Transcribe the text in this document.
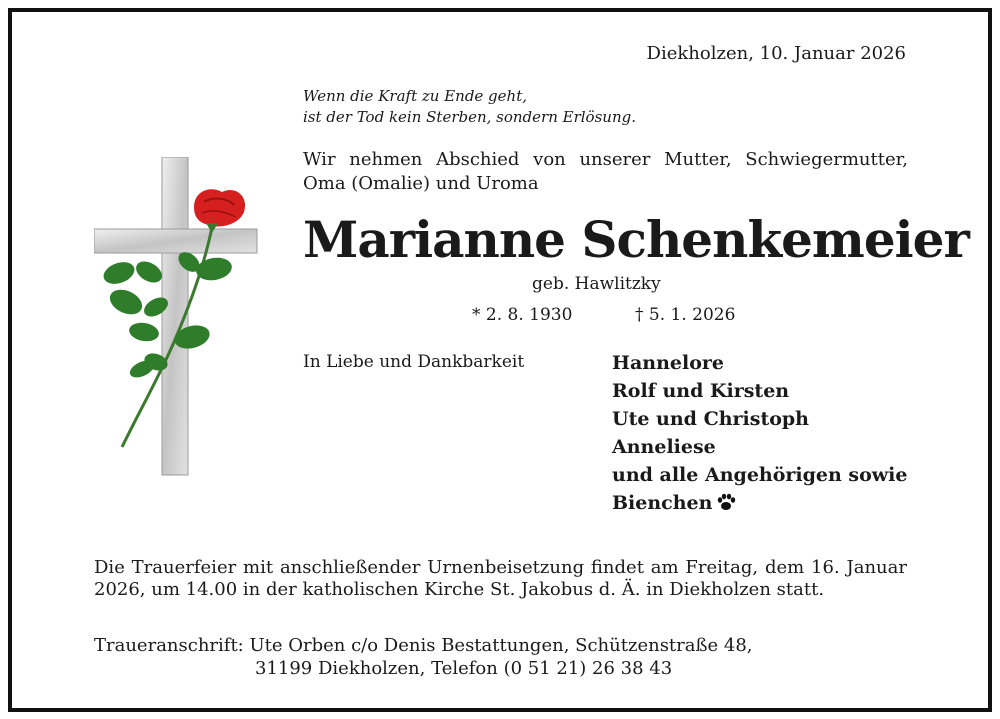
Diekholzen, 10. Januar 2026
Wenn die Kraft zu Ende geht,
ist der Tod kein Sterben, sondern Erlösung.
Wir nehmen Abschied von unserer Mutter, Schwiegermutter, Oma (Omalie) und Uroma
Marianne Schenkemeier
geb. Hawlitzky
* 2. 8. 1930	† 5. 1. 2026
In Liebe und Dankbarkeit	Hannelore
Rolf und Kirsten
Ute und Christoph
Anneliese
und alle Angehörigen sowie
Bienchen
Die Trauerfeier mit anschließender Urnenbeisetzung findet am Freitag, dem 16. Januar 2026, um 14.00 in der katholischen Kirche St. Jakobus d. Ä. in Diekholzen statt.
Traueranschrift: Ute Orben c/o Denis Bestattungen, Schützenstraße 48,
31199 Diekholzen, Telefon (0 51 21) 26 38 43
